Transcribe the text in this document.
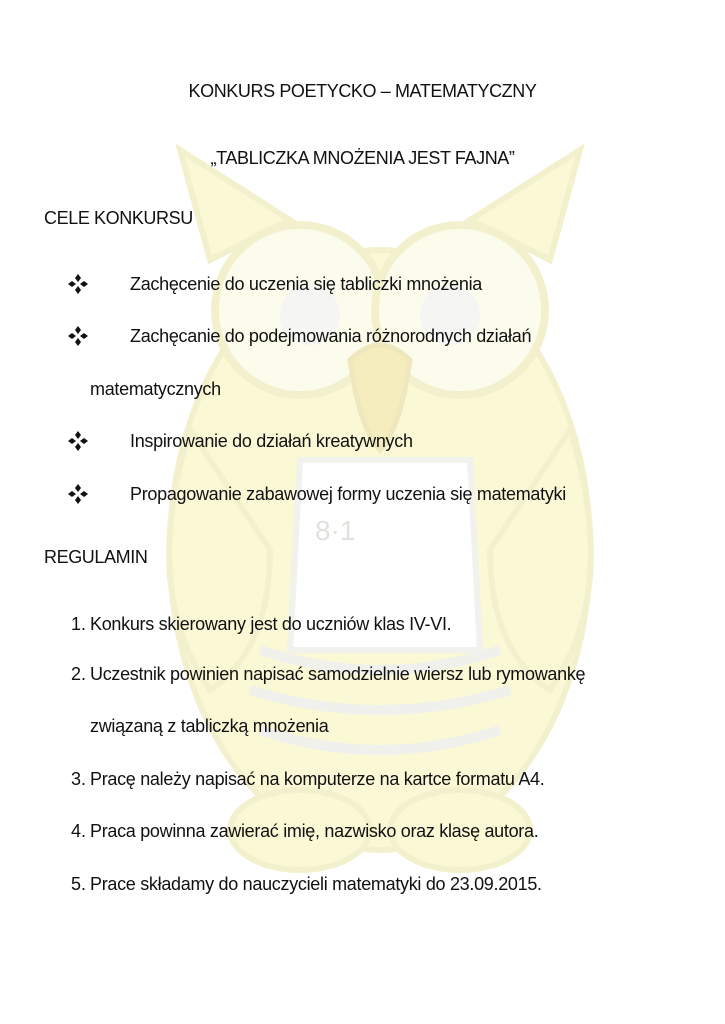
8·1
KONKURS POETYCKO – MATEMATYCZNY
„TABLICZKA MNOŻENIA JEST FAJNA”
CELE KONKURSU
Zachęcenie do uczenia się tabliczki mnożenia
Zachęcanie do podejmowania różnorodnych działań
matematycznych
Inspirowanie do działań kreatywnych
Propagowanie zabawowej formy uczenia się matematyki
REGULAMIN
1. Konkurs skierowany jest do uczniów klas IV-VI.
2. Uczestnik powinien napisać samodzielnie wiersz lub rymowankę
związaną z tabliczką mnożenia
3. Pracę należy napisać na komputerze na kartce formatu A4.
4. Praca powinna zawierać imię, nazwisko oraz klasę autora.
5. Prace składamy do nauczycieli matematyki do 23.09.2015.
